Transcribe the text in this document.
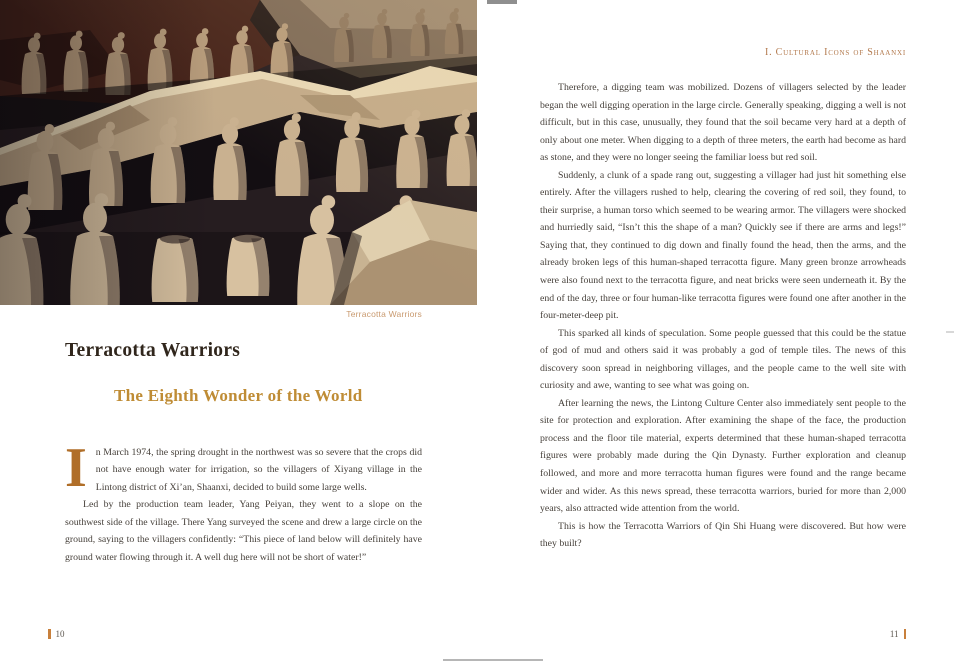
Terracotta Warriors
Terracotta Warriors
The Eighth Wonder of the World

In March 1974, the spring drought in the northwest was so severe that the crops did not have enough water for irrigation, so the villagers of Xiyang village in the Lintong district of Xi’an, Shaanxi, decided to build some large wells.

Led by the production team leader, Yang Peiyan, they went to a slope on the southwest side of the village. There Yang surveyed the scene and drew a large circle on the ground, saying to the villagers confidently: “This piece of land below will definitely have ground water flowing through it. A well dug here will not be short of water!”

10
I. Cultural Icons of Shaanxi

Therefore, a digging team was mobilized. Dozens of villagers selected by the leader began the well digging operation in the large circle. Generally speaking, digging a well is not difficult, but in this case, unusually, they found that the soil became very hard at a depth of only about one meter. When digging to a depth of three meters, the earth had become as hard as stone, and they were no longer seeing the familiar loess but red soil.

Suddenly, a clunk of a spade rang out, suggesting a villager had just hit something else entirely. After the villagers rushed to help, clearing the covering of red soil, they found, to their surprise, a human torso which seemed to be wearing armor. The villagers were shocked and hurriedly said, “Isn’t this the shape of a man? Quickly see if there are arms and legs!” Saying that, they continued to dig down and finally found the head, then the arms, and the already broken legs of this human-shaped terracotta figure. Many green bronze arrowheads were also found next to the terracotta figure, and neat bricks were seen underneath it. By the end of the day, three or four human-like terracotta figures were found one after another in the four-meter-deep pit.

This sparked all kinds of speculation. Some people guessed that this could be the statue of god of mud and others said it was probably a god of temple tiles. The news of this discovery soon spread in neighboring villages, and the people came to the well site with curiosity and awe, wanting to see what was going on.

After learning the news, the Lintong Culture Center also immediately sent people to the site for protection and exploration. After examining the shape of the face, the production process and the floor tile material, experts determined that these human-shaped terracotta figures were probably made during the Qin Dynasty. Further exploration and cleanup followed, and more and more terracotta human figures were found and the range became wider and wider. As this news spread, these terracotta warriors, buried for more than 2,000 years, also attracted wide attention from the world.

This is how the Terracotta Warriors of Qin Shi Huang were discovered. But how were they built?

11
